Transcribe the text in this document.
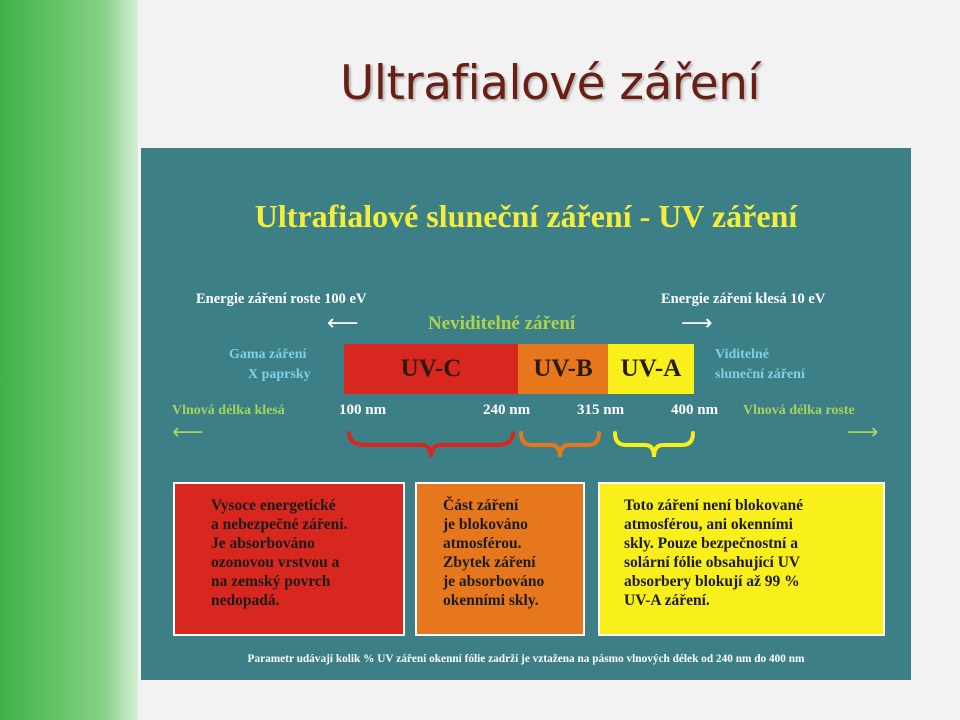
Ultrafialové záření
Ultrafialové sluneční záření - UV záření
Energie záření roste 100 eV
⟵
Energie záření klesá 10 eV
⟶
Neviditelné záření
Gama záření
X paprsky
Viditelné
sluneční záření
UV-C	UV-B	UV-A
Vlnová délka klesá
⟵
Vlnová délka roste
⟶
100 nm	240 nm	315 nm	400 nm
Vysoce energetické
a nebezpečné záření.
Je absorbováno
ozonovou vrstvou a
na zemský povrch
nedopadá.
Část záření
je blokováno
atmosférou.
Zbytek záření
je absorbováno
okenními skly.
Toto záření není blokované
atmosférou, ani okenními
skly. Pouze bezpečnostní a
solární fólie obsahující UV
absorbery blokují až 99 %
UV-A záření.
Parametr udávají kolik % UV záření okenní fólie zadrží je vztažena na pásmo vlnových délek od 240 nm do 400 nm
